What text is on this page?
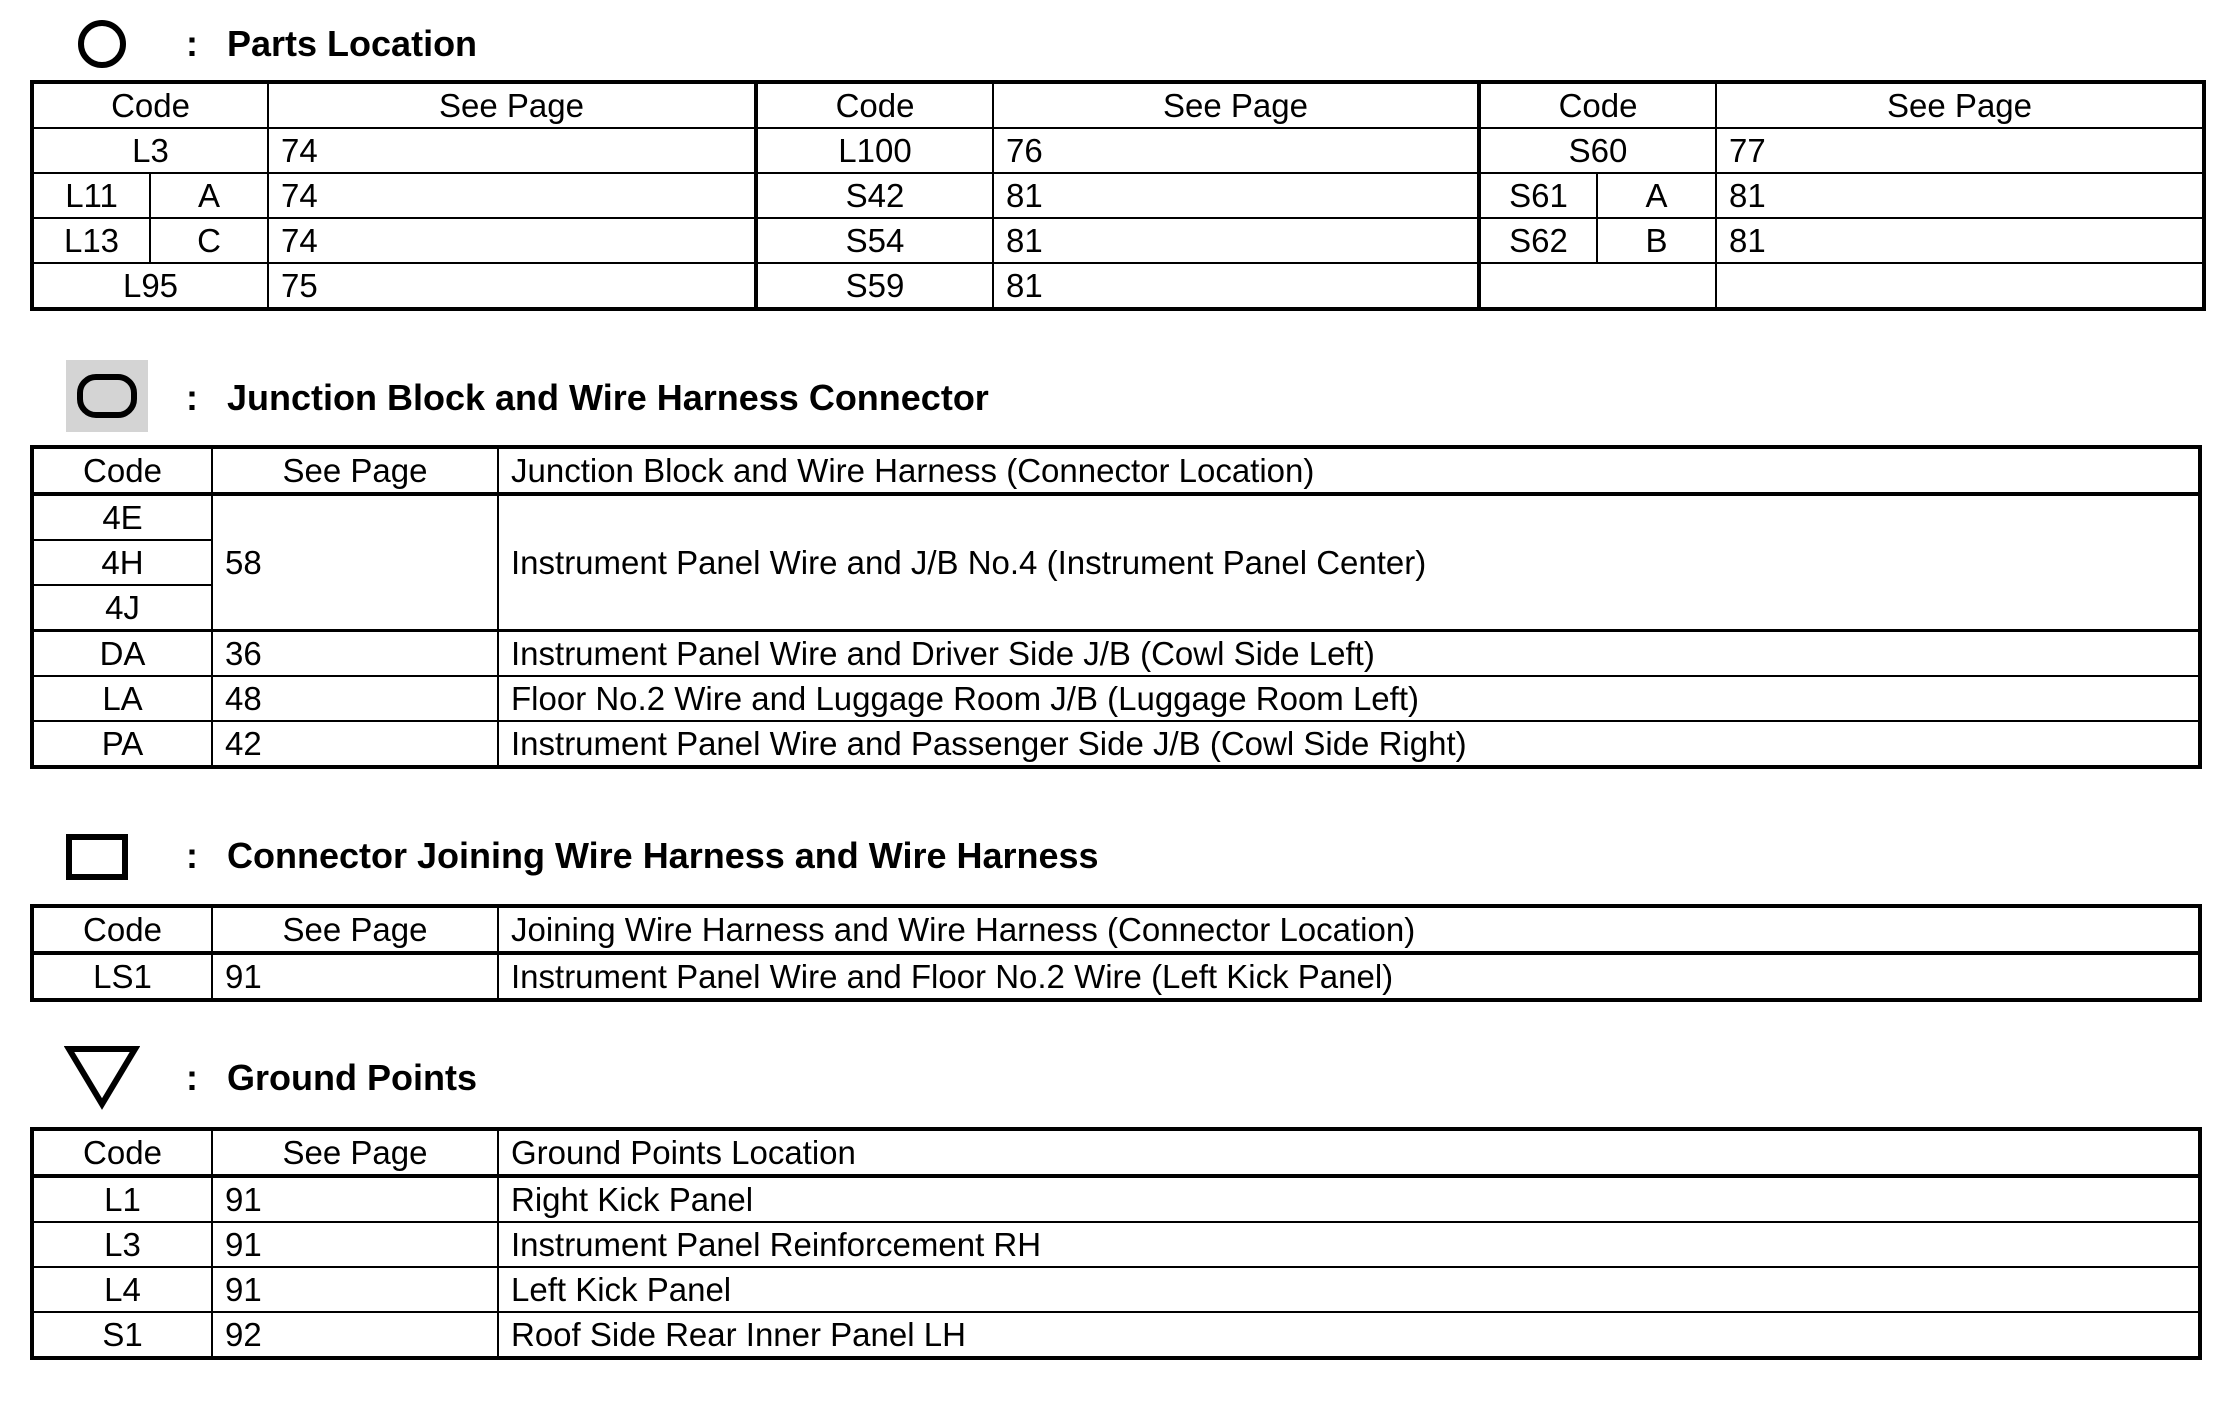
: Parts Location
Code		See Page	Code	See Page	Code		See Page
L3		74	L100	76	S60		77
L11	A	74	S42	81	S61	A	81
L13	C	74	S54	81	S62	B	81
L95		75	S59	81			
: Junction Block and Wire Harness Connector
Code	See Page	Junction Block and Wire Harness (Connector Location)
4E	58	Instrument Panel Wire and J/B No.4 (Instrument Panel Center)
4H		
4J		
DA	36	Instrument Panel Wire and Driver Side J/B (Cowl Side Left)
LA	48	Floor No.2 Wire and Luggage Room J/B (Luggage Room Left)
PA	42	Instrument Panel Wire and Passenger Side J/B (Cowl Side Right)
: Connector Joining Wire Harness and Wire Harness
Code	See Page	Joining Wire Harness and Wire Harness (Connector Location)
LS1	91	Instrument Panel Wire and Floor No.2 Wire (Left Kick Panel)
: Ground Points
Code	See Page	Ground Points Location
L1	91	Right Kick Panel
L3	91	Instrument Panel Reinforcement RH
L4	91	Left Kick Panel
S1	92	Roof Side Rear Inner Panel LH
